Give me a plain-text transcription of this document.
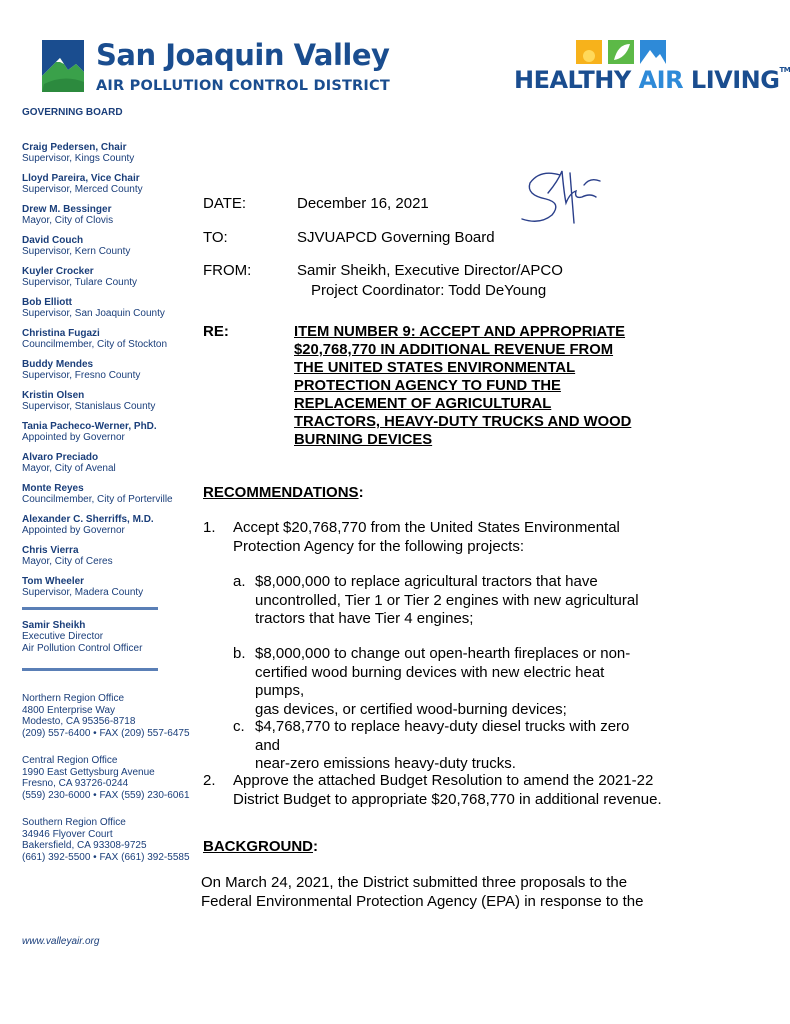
San Joaquin Valley
AIR POLLUTION CONTROL DISTRICT	HEALTHY AIR LIVING™
GOVERNING BOARD
Craig Pedersen, Chair
Supervisor, Kings County
Lloyd Pareira, Vice Chair
Supervisor, Merced County
Drew M. Bessinger
Mayor, City of Clovis
David Couch
Supervisor, Kern County
Kuyler Crocker
Supervisor, Tulare County
Bob Elliott
Supervisor, San Joaquin County
Christina Fugazi
Councilmember, City of Stockton
Buddy Mendes
Supervisor, Fresno County
Kristin Olsen
Supervisor, Stanislaus County
Tania Pacheco-Werner, PhD.
Appointed by Governor
Alvaro Preciado
Mayor, City of Avenal
Monte Reyes
Councilmember, City of Porterville
Alexander C. Sherriffs, M.D.
Appointed by Governor
Chris Vierra
Mayor, City of Ceres
Tom Wheeler
Supervisor, Madera County
Samir Sheikh
Executive Director
Air Pollution Control Officer
Northern Region Office
4800 Enterprise Way
Modesto, CA 95356-8718
(209) 557-6400 • FAX (209) 557-6475
Central Region Office
1990 East Gettysburg Avenue
Fresno, CA 93726-0244
(559) 230-6000 • FAX (559) 230-6061
Southern Region Office
34946 Flyover Court
Bakersfield, CA 93308-9725
(661) 392-5500 • FAX (661) 392-5585
www.valleyair.org
DATE:	December 16, 2021
TO:	SJVUAPCD Governing Board
FROM:	Samir Sheikh, Executive Director/APCO
Project Coordinator: Todd DeYoung
RE:	ITEM NUMBER 9: ACCEPT AND APPROPRIATE
$20,768,770 IN ADDITIONAL REVENUE FROM
THE UNITED STATES ENVIRONMENTAL
PROTECTION AGENCY TO FUND THE
REPLACEMENT OF AGRICULTURAL
TRACTORS, HEAVY-DUTY TRUCKS AND WOOD
BURNING DEVICES
RECOMMENDATIONS:
1. Accept $20,768,770 from the United States Environmental
Protection Agency for the following projects:
a. $8,000,000 to replace agricultural tractors that have
uncontrolled, Tier 1 or Tier 2 engines with new agricultural
tractors that have Tier 4 engines;
b. $8,000,000 to change out open-hearth fireplaces or non-
certified wood burning devices with new electric heat pumps,
gas devices, or certified wood-burning devices;
c. $4,768,770 to replace heavy-duty diesel trucks with zero and
near-zero emissions heavy-duty trucks.
2. Approve the attached Budget Resolution to amend the 2021-22
District Budget to appropriate $20,768,770 in additional revenue.
BACKGROUND:
On March 24, 2021, the District submitted three proposals to the
Federal Environmental Protection Agency (EPA) in response to the
